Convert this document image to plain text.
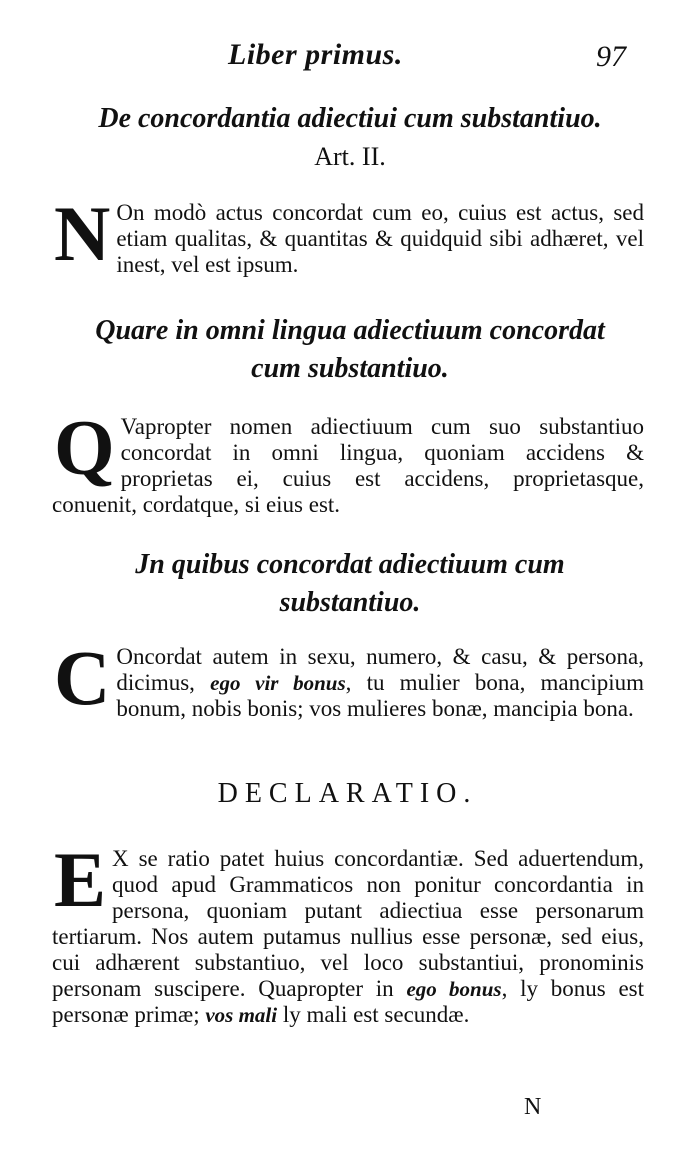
Liber primus.	97
De concordantia adiectiui cum substantiuo.
Art. II.
N On modò actus concordat cum eo, cuius est actus, sed etiam qualitas, & quantitas & quidquid sibi adhæret, vel inest, vel est ipsum.
Quare in omni lingua adiectiuum concordat
cum substantiuo.
Q Vapropter nomen adiectiuum cum suo substantiuo concordat in omni lingua, quoniam accidens & proprietas ei, cuius est accidens, proprietasque, conuenit, cordatque, si eius est.
Jn quibus concordat adiectiuum cum
substantiuo.
C Oncordat autem in sexu, numero, & casu, & persona, dicimus, ego vir bonus, tu mulier bona, mancipium bonum, nobis bonis; vos mulieres bonæ, mancipia bona.
DECLARATIO.
E X se ratio patet huius concordantiæ. Sed aduertendum, quod apud Grammaticos non ponitur concordantia in persona, quoniam putant adiectiua esse personarum tertiarum. Nos autem putamus nullius esse personæ, sed eius, cui adhærent substantiuo, vel loco substantiui, pronominis personam suscipere. Quapropter in ego bonus, ly bonus est personæ primæ; vos mali ly mali est secundæ.
N
